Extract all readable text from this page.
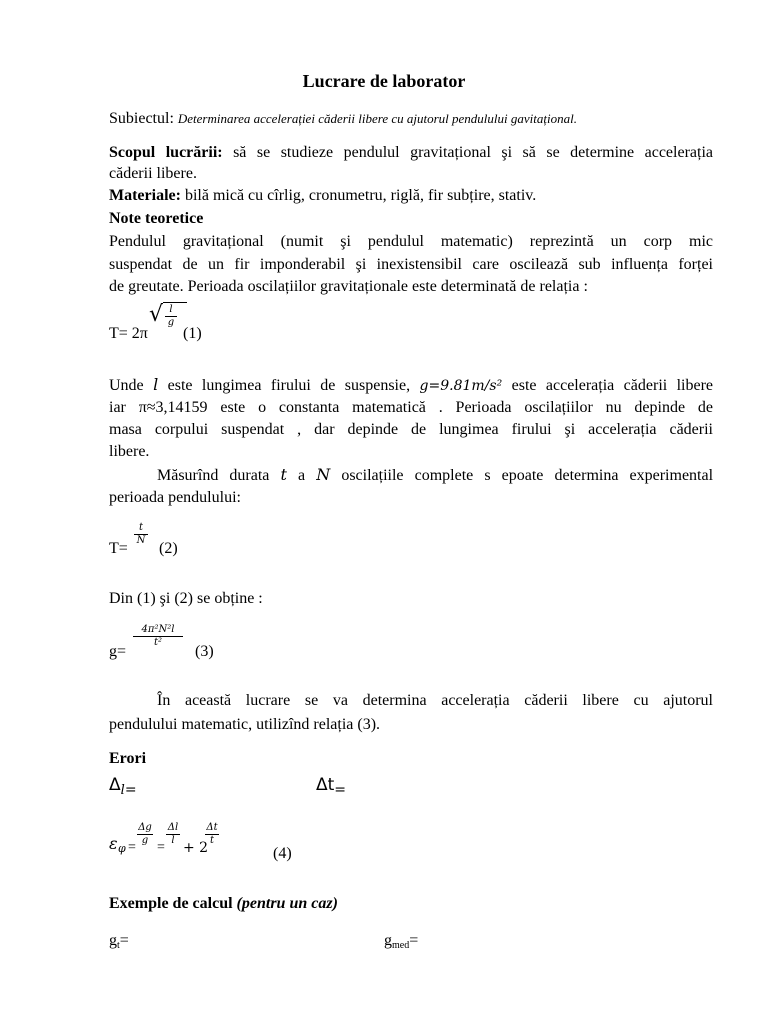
Lucrare de laborator
Subiectul: Determinarea accelerației căderii libere cu ajutorul pendulului gavitațional.
Scopul lucrării: să se studieze pendulul gravitațional şi să se determine accelerația
căderii libere.
Materiale: bilă mică cu cîrlig, cronumetru, riglă, fir subțire, stativ.
Note teoretice
Pendulul gravitațional (numit şi pendulul matematic) reprezintă un corp mic
suspendat de un fir imponderabil şi inexistensibil care oscilează sub influența forței
de greutate. Perioada oscilațiilor gravitaționale este determinată de relația :
T= 2π
√ $\frac{l}{g}$
(1)
Unde l este lungimea firului de suspensie, g=9.81m/s² este accelerația căderii libere
iar π≈3,14159 este o constanta matematică . Perioada oscilațiilor nu depinde de
masa corpului suspendat , dar depinde de lungimea firului şi accelerația căderii
libere.
Măsurînd durata t a N oscilațiile complete s epoate determina experimental
perioada pendulului:
T=
$\frac{t}{N}$
(2)
Din (1) şi (2) se obține :
g=
$\frac{\text{4π²N²l}}{\text{t²}}$
(3)
În această lucrare se va determina accelerația căderii libere cu ajutorul
pendulului matematic, utilizînd relația (3).
Erori
$\Delta_{l=}$	$\Delta t_=$
ε φ =
$\frac{\Delta g}{g}$
=
$\frac{\Delta l}{l}$
+ 2
$\frac{\Delta t}{t}$
(4)
Exemple de calcul (pentru un caz)
gt=	gmed=
